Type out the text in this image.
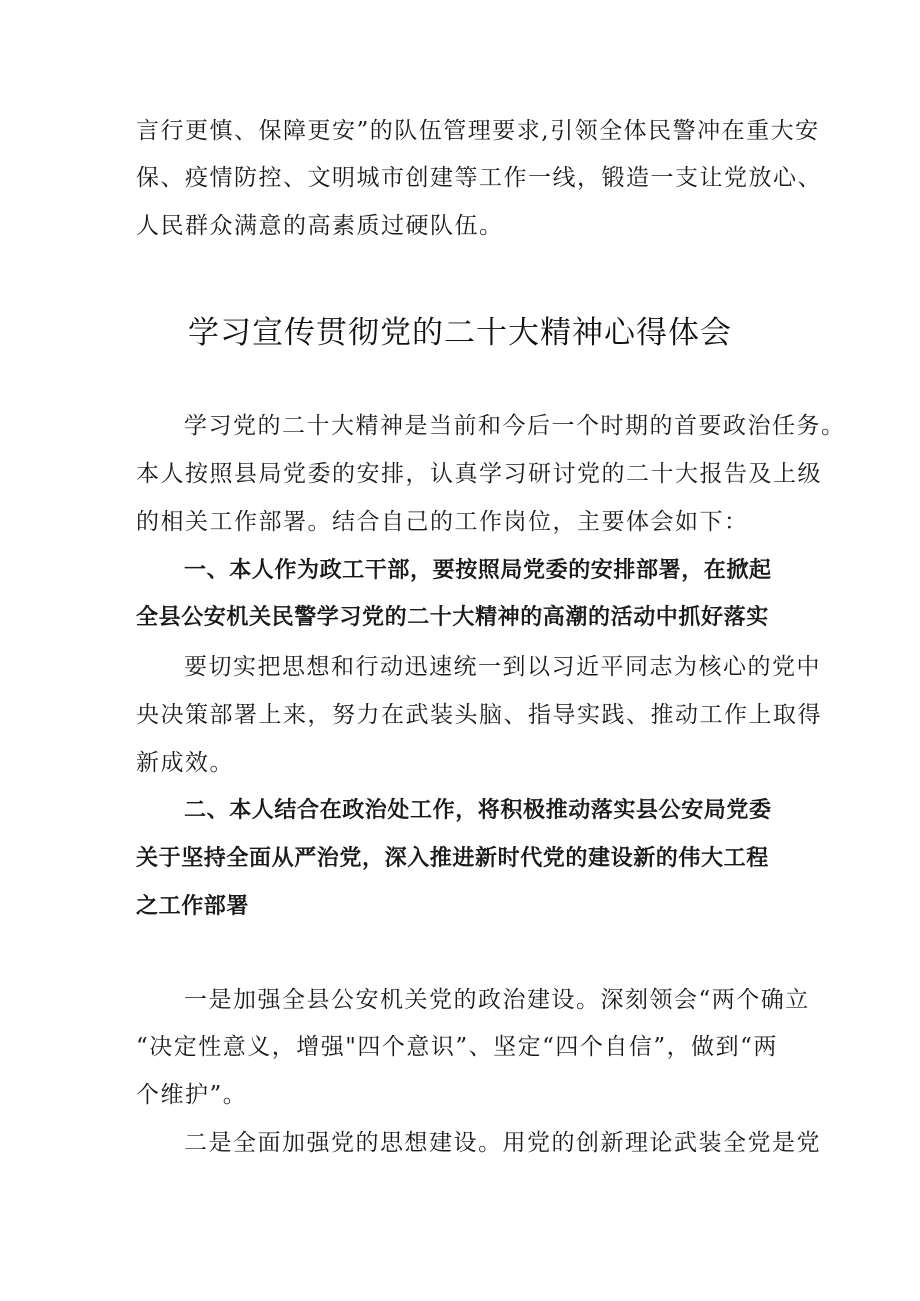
言行更慎、保障更安”的队伍管理要求,引领全体民警冲在重大安
保、疫情防控、文明城市创建等工作一线，锻造一支让党放心、
人民群众满意的高素质过硬队伍。
学习宣传贯彻党的二十大精神心得体会
学习党的二十大精神是当前和今后一个时期的首要政治任务。
本人按照县局党委的安排，认真学习研讨党的二十大报告及上级
的相关工作部署。结合自己的工作岗位，主要体会如下：
一、本人作为政工干部，要按照局党委的安排部署，在掀起
全县公安机关民警学习党的二十大精神的高潮的活动中抓好落实
要切实把思想和行动迅速统一到以习近平同志为核心的党中
央决策部署上来，努力在武装头脑、指导实践、推动工作上取得
新成效。
二、本人结合在政治处工作，将积极推动落实县公安局党委
关于坚持全面从严治党，深入推进新时代党的建设新的伟大工程
之工作部署
一是加强全县公安机关党的政治建设。深刻领会“两个确立
“决定性意义，增强"四个意识”、坚定“四个自信”，做到“两
个维护”。
二是全面加强党的思想建设。用党的创新理论武装全党是党
